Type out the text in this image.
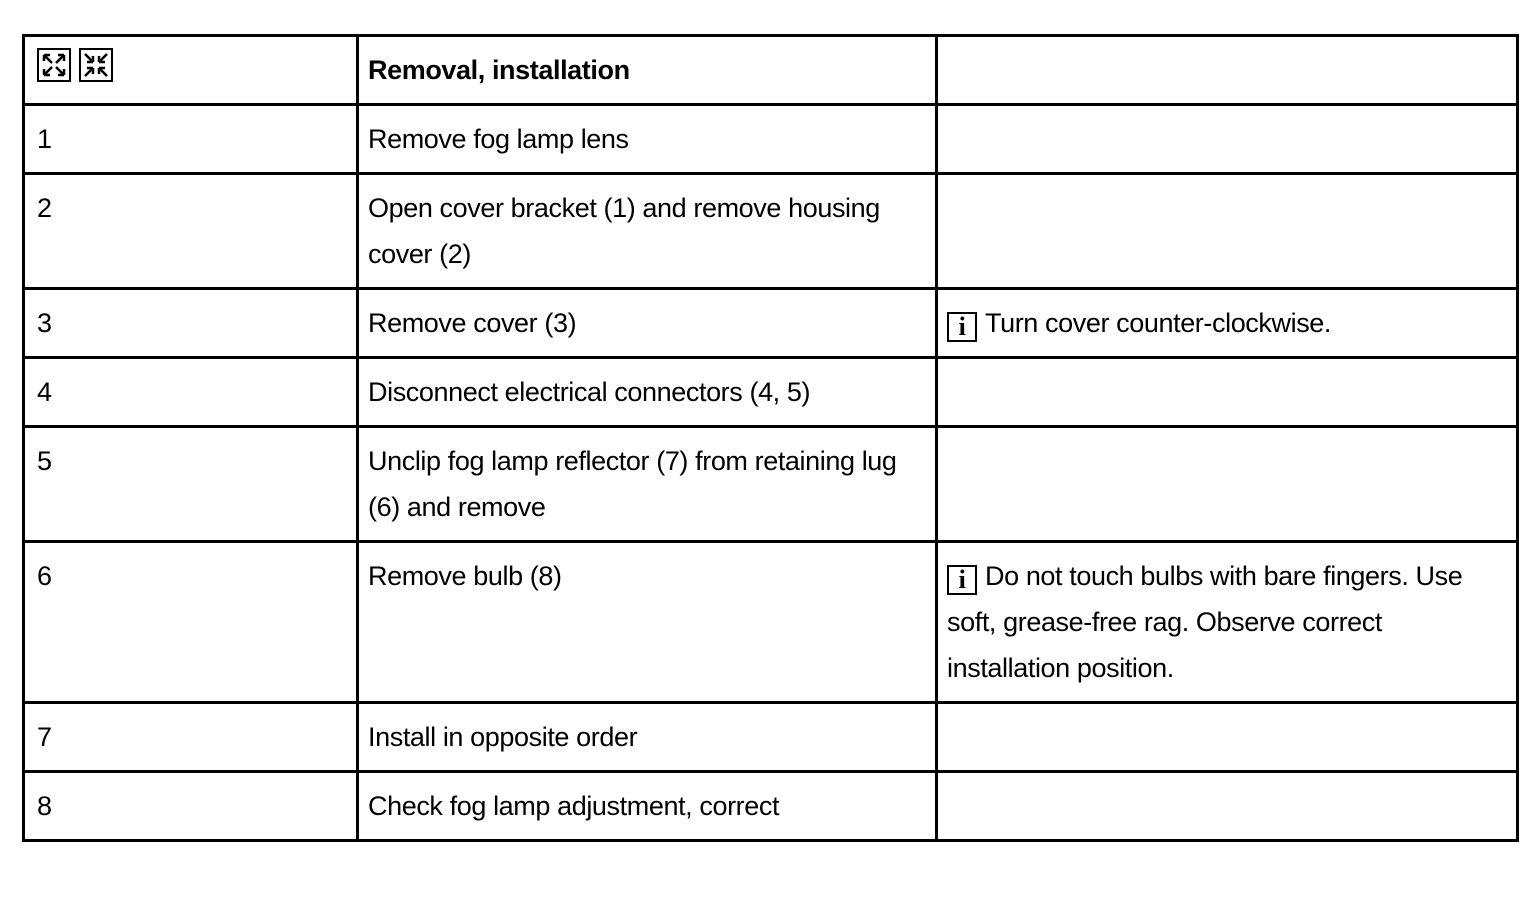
Removal, installation	

1	Remove fog lamp lens	

2	Open cover bracket (1) and remove housing cover (2)	

3	Remove cover (3)	i Turn cover counter-clockwise.

4	Disconnect electrical connectors (4, 5)	

5	Unclip fog lamp reflector (7) from retaining lug (6) and remove	

6	Remove bulb (8)	i Do not touch bulbs with bare fingers. Use soft, grease-free rag. Observe correct installation position.

7	Install in opposite order	

8	Check fog lamp adjustment, correct	
